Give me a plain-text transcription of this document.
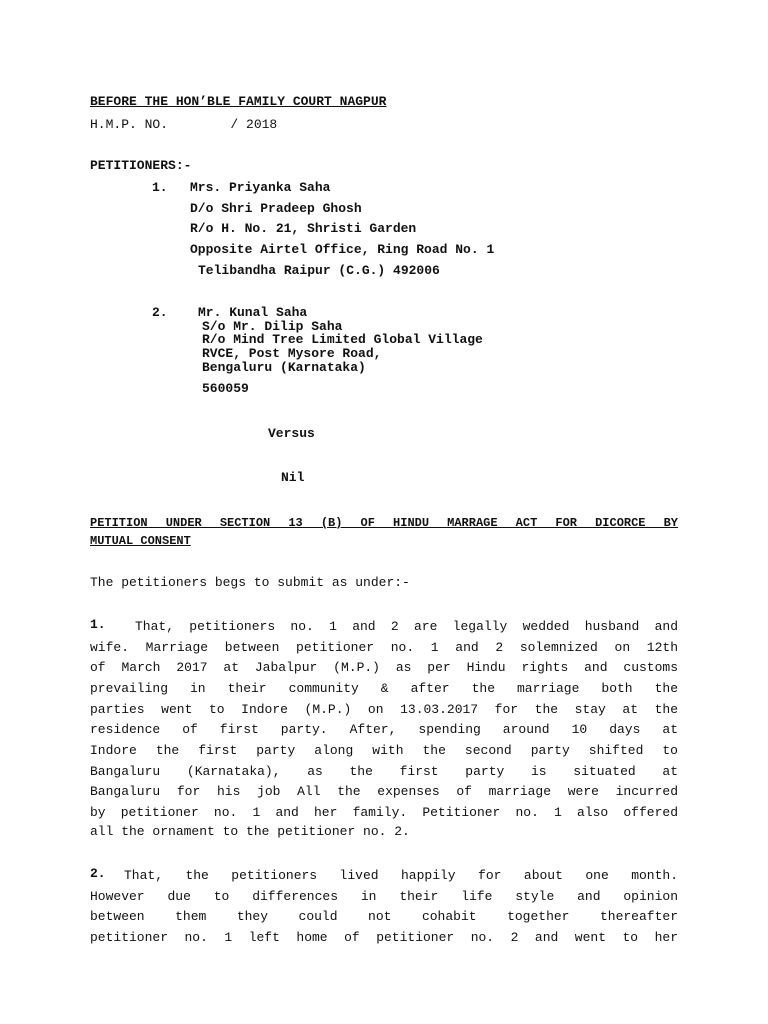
BEFORE THE HON’BLE FAMILY COURT NAGPUR
H.M.P. NO.        / 2018
PETITIONERS:-
1. Mrs. Priyanka Saha
D/o Shri Pradeep Ghosh
R/o H. No. 21, Shristi Garden
Opposite Airtel Office, Ring Road No. 1
Telibandha Raipur (C.G.) 492006
2. Mr. Kunal Saha
S/o Mr. Dilip Saha
R/o Mind Tree Limited Global Village
RVCE, Post Mysore Road,
Bengaluru (Karnataka)
560059
Versus
Nil
PETITION UNDER SECTION 13 (B) OF HINDU MARRAGE ACT FOR DICORCE BY
MUTUAL CONSENT
The petitioners begs to submit as under:-
1. That, petitioners no. 1 and 2 are legally wedded husband and
wife. Marriage between petitioner no. 1 and 2 solemnized on 12th
of March 2017 at Jabalpur (M.P.) as per Hindu rights and customs
prevailing in their community & after the marriage both the
parties went to Indore (M.P.) on 13.03.2017 for the stay at the
residence of first party. After, spending around 10 days at
Indore the first party along with the second party shifted to
Bangaluru (Karnataka), as the first party is situated at
Bangaluru for his job All the expenses of marriage were incurred
by petitioner no. 1 and her family. Petitioner no. 1 also offered
all the ornament to the petitioner no. 2.
2. That, the petitioners lived happily for about one month.
However due to differences in their life style and opinion
between them they could not cohabit together thereafter
petitioner no. 1 left home of petitioner no. 2 and went to her
